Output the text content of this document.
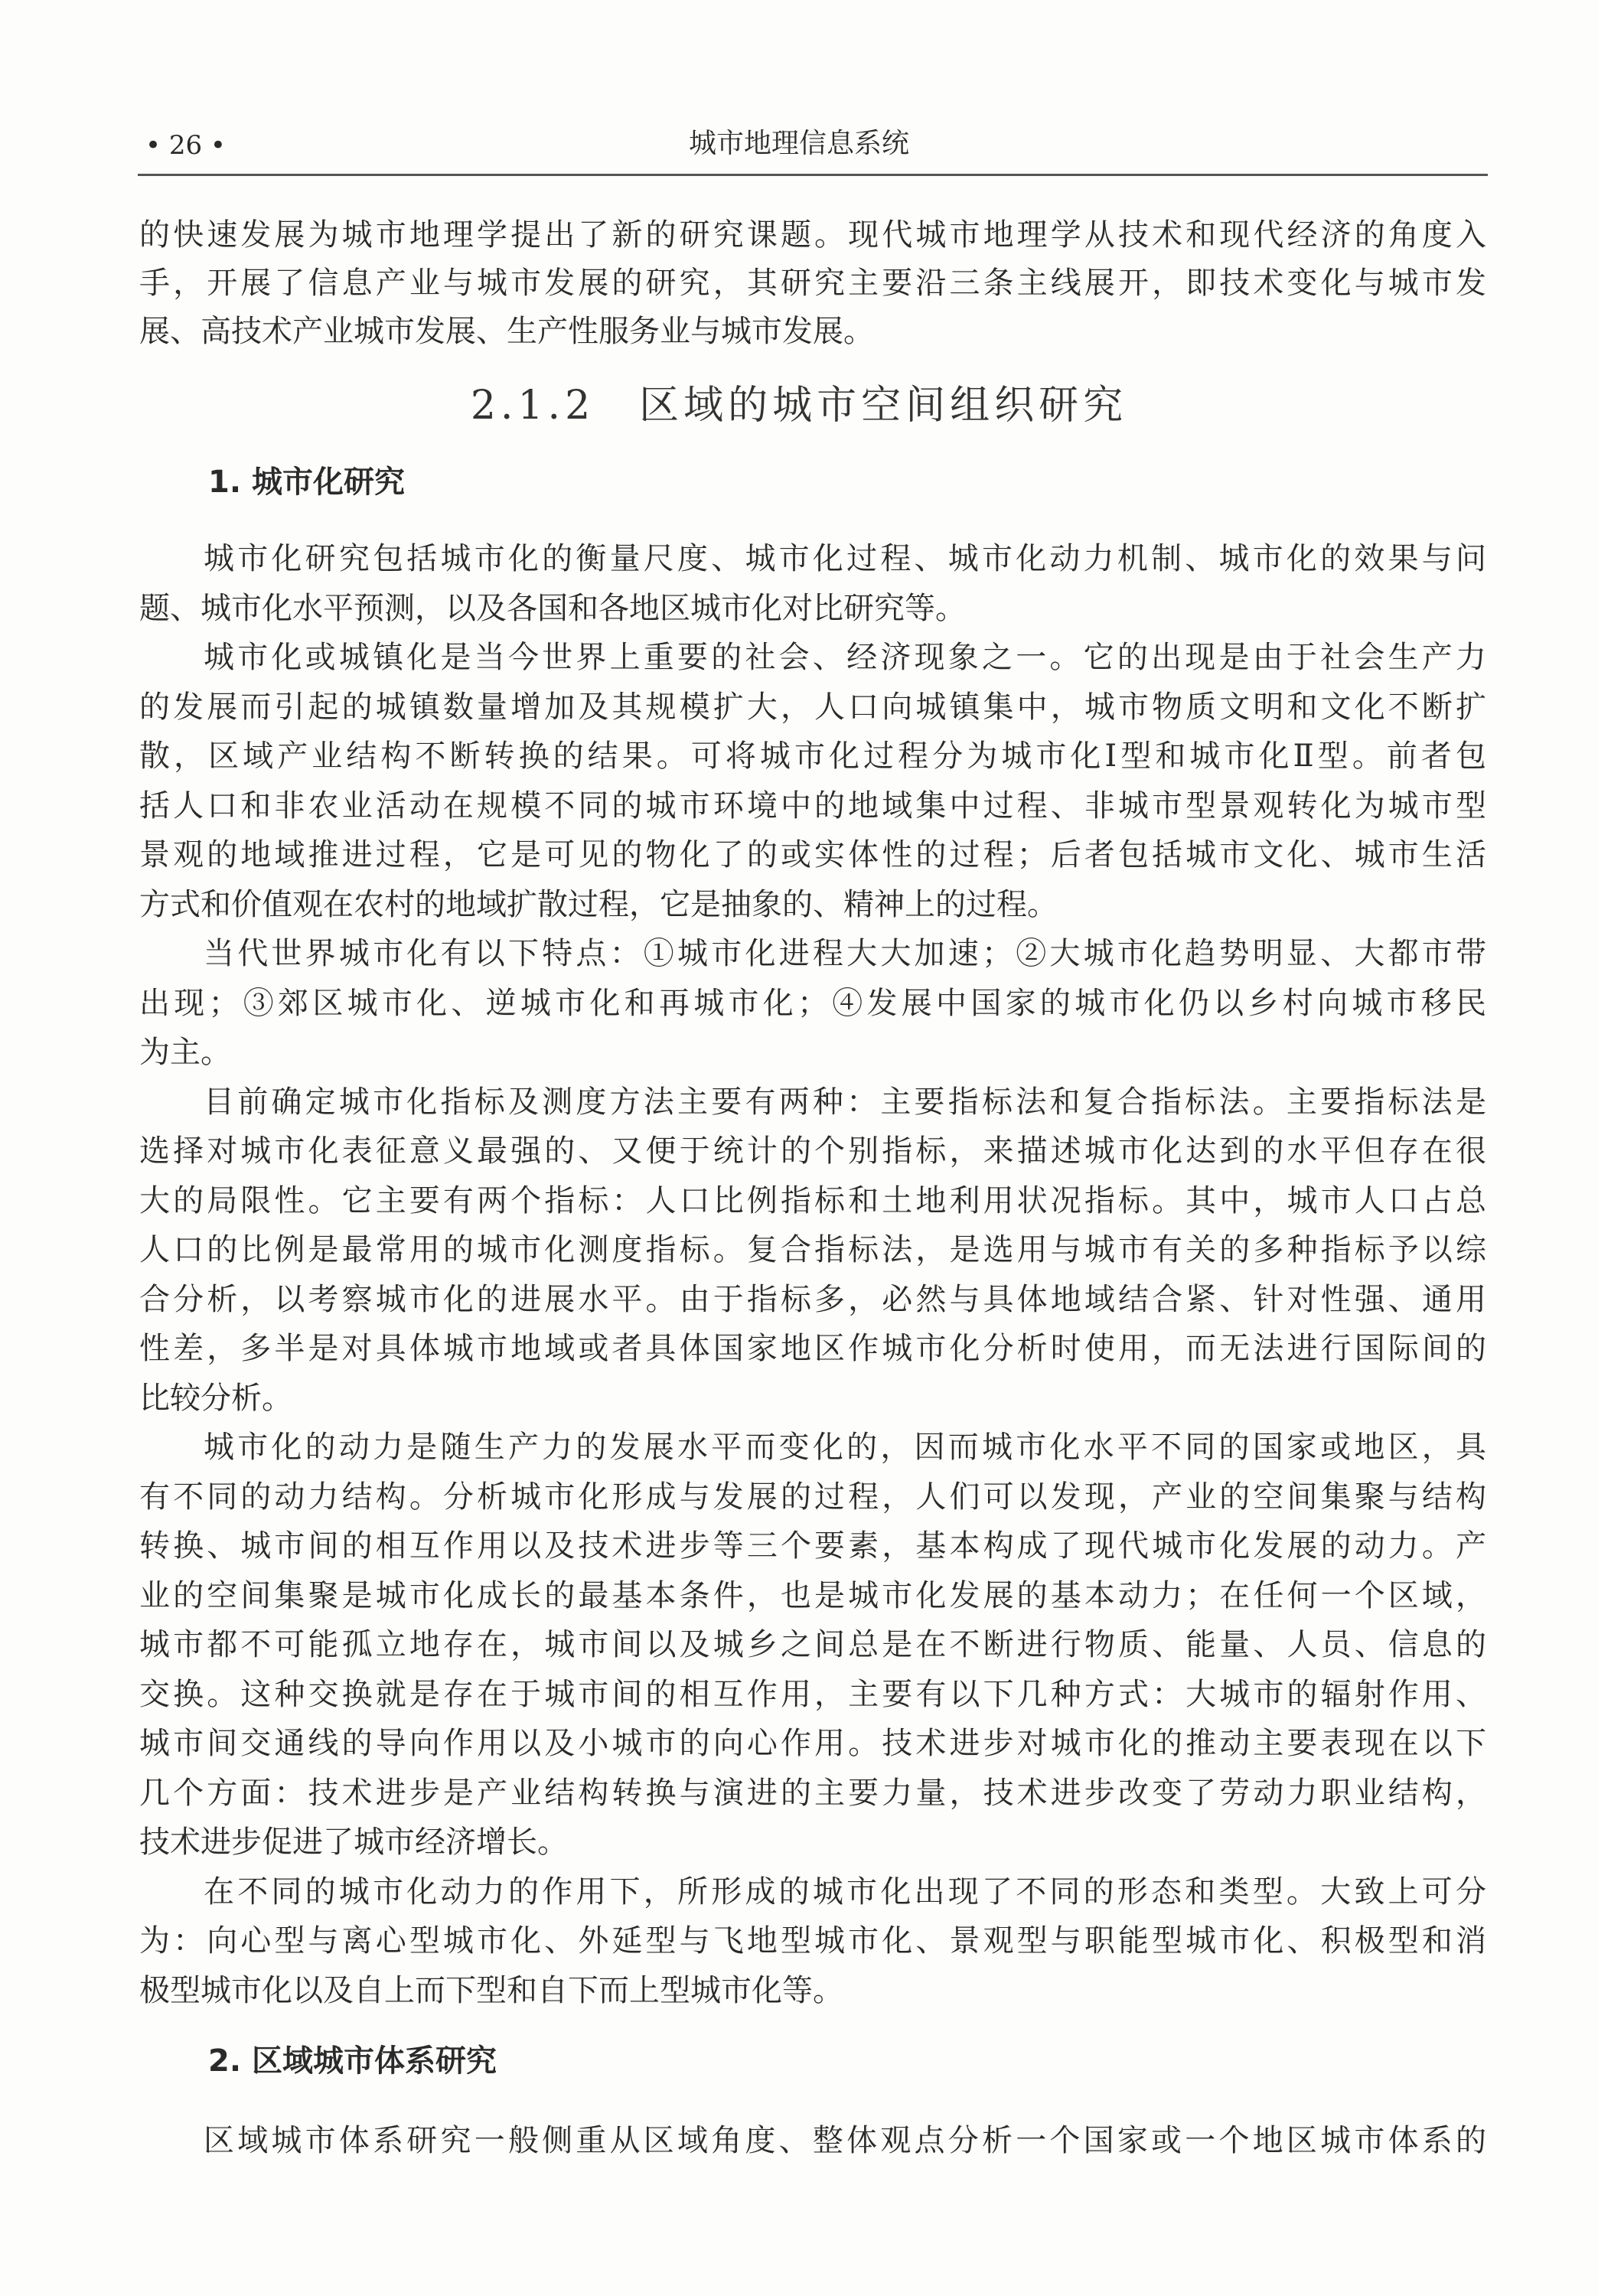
• 26 •	城市地理信息系统
的快速发展为城市地理学提出了新的研究课题。现代城市地理学从技术和现代经济的角度入
手，开展了信息产业与城市发展的研究，其研究主要沿三条主线展开，即技术变化与城市发
展、高技术产业城市发展、生产性服务业与城市发展。
城市化研究包括城市化的衡量尺度、城市化过程、城市化动力机制、城市化的效果与问
题、城市化水平预测，以及各国和各地区城市化对比研究等。
城市化或城镇化是当今世界上重要的社会、经济现象之一。它的出现是由于社会生产力
的发展而引起的城镇数量增加及其规模扩大，人口向城镇集中，城市物质文明和文化不断扩
散，区域产业结构不断转换的结果。可将城市化过程分为城市化Ⅰ型和城市化Ⅱ型。前者包
括人口和非农业活动在规模不同的城市环境中的地域集中过程、非城市型景观转化为城市型
景观的地域推进过程，它是可见的物化了的或实体性的过程；后者包括城市文化、城市生活
方式和价值观在农村的地域扩散过程，它是抽象的、精神上的过程。
当代世界城市化有以下特点：①城市化进程大大加速；②大城市化趋势明显、大都市带
出现；③郊区城市化、逆城市化和再城市化；④发展中国家的城市化仍以乡村向城市移民
为主。
目前确定城市化指标及测度方法主要有两种：主要指标法和复合指标法。主要指标法是
选择对城市化表征意义最强的、又便于统计的个别指标，来描述城市化达到的水平但存在很
大的局限性。它主要有两个指标：人口比例指标和土地利用状况指标。其中，城市人口占总
人口的比例是最常用的城市化测度指标。复合指标法，是选用与城市有关的多种指标予以综
合分析，以考察城市化的进展水平。由于指标多，必然与具体地域结合紧、针对性强、通用
性差，多半是对具体城市地域或者具体国家地区作城市化分析时使用，而无法进行国际间的
比较分析。
城市化的动力是随生产力的发展水平而变化的，因而城市化水平不同的国家或地区，具
有不同的动力结构。分析城市化形成与发展的过程，人们可以发现，产业的空间集聚与结构
转换、城市间的相互作用以及技术进步等三个要素，基本构成了现代城市化发展的动力。产
业的空间集聚是城市化成长的最基本条件，也是城市化发展的基本动力；在任何一个区域，
城市都不可能孤立地存在，城市间以及城乡之间总是在不断进行物质、能量、人员、信息的
交换。这种交换就是存在于城市间的相互作用，主要有以下几种方式：大城市的辐射作用、
城市间交通线的导向作用以及小城市的向心作用。技术进步对城市化的推动主要表现在以下
几个方面：技术进步是产业结构转换与演进的主要力量，技术进步改变了劳动力职业结构，
技术进步促进了城市经济增长。
在不同的城市化动力的作用下，所形成的城市化出现了不同的形态和类型。大致上可分
为：向心型与离心型城市化、外延型与飞地型城市化、景观型与职能型城市化、积极型和消
极型城市化以及自上而下型和自下而上型城市化等。
区域城市体系研究一般侧重从区域角度、整体观点分析一个国家或一个地区城市体系的
2.1.2　区域的城市空间组织研究
1. 城市化研究
2. 区域城市体系研究
